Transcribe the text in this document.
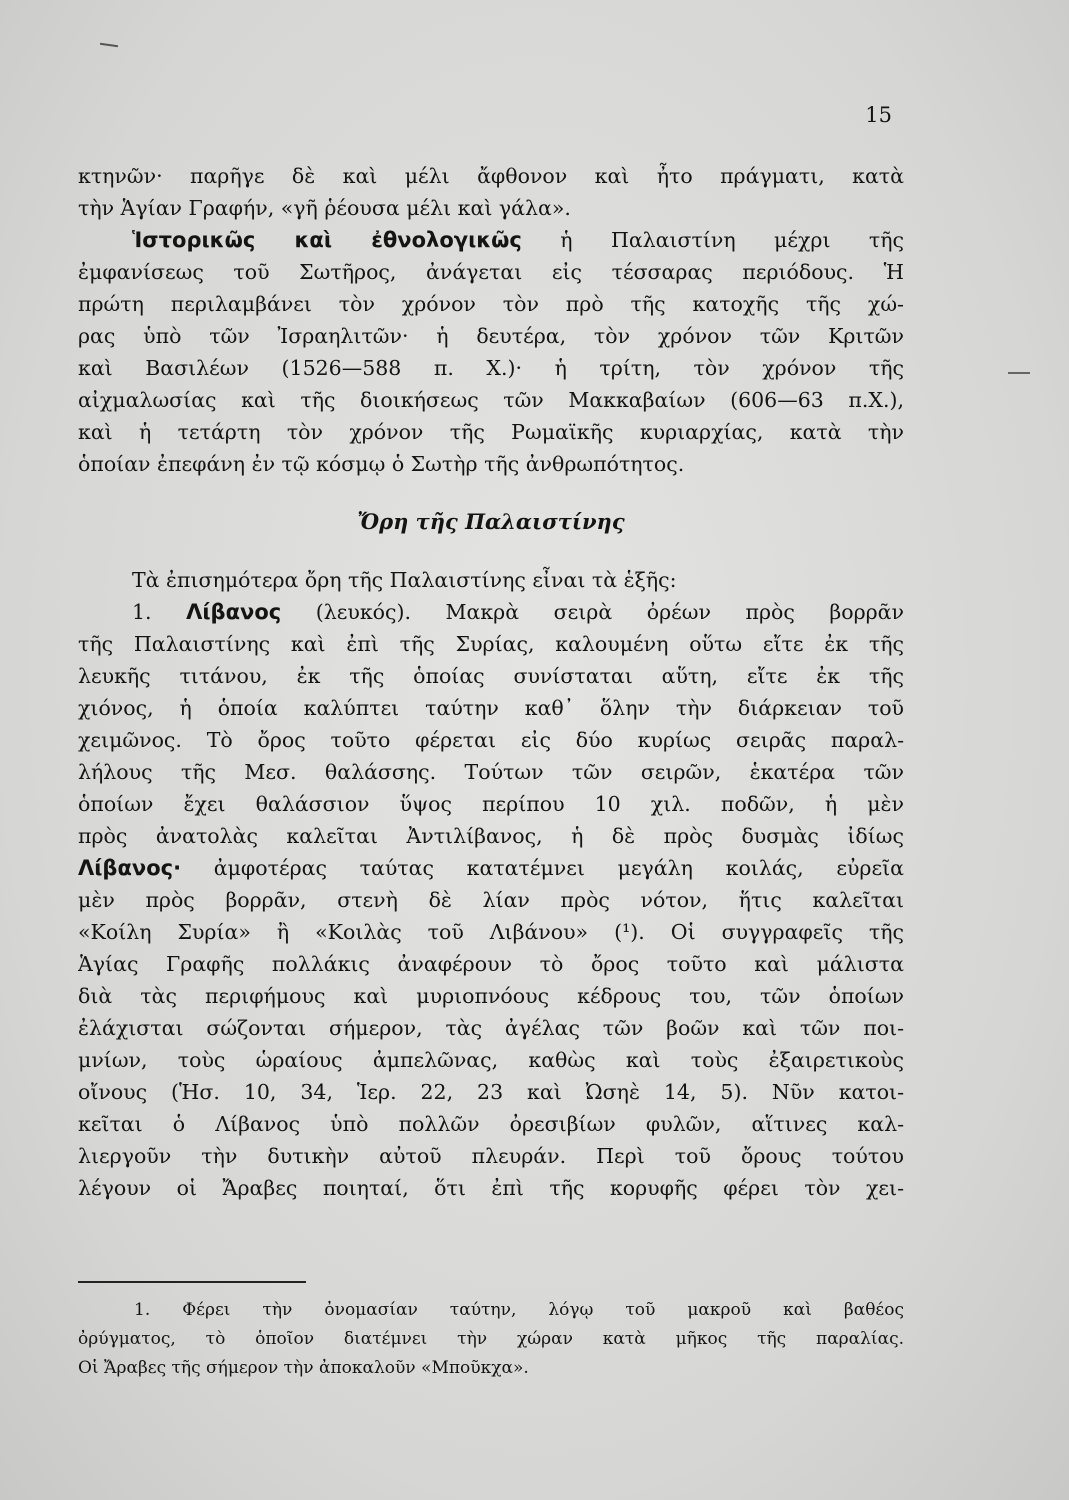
15
κτηνῶν· παρῆγε δὲ καὶ μέλι ἄφθονον καὶ ἦτο πράγματι, κατὰ
τὴν Ἁγίαν Γραφήν, «γῆ ῥέουσα μέλι καὶ γάλα».
Ἱστορικῶς καὶ ἐθνολογικῶς ἡ Παλαιστίνη μέχρι τῆς
ἐμφανίσεως τοῦ Σωτῆρος, ἀνάγεται εἰς τέσσαρας περιόδους. Ἡ
πρώτη περιλαμβάνει τὸν χρόνον τὸν πρὸ τῆς κατοχῆς τῆς χώ-
ρας ὑπὸ τῶν Ἰσραηλιτῶν· ἡ δευτέρα, τὸν χρόνον τῶν Κριτῶν
καὶ Βασιλέων (1526—588 π. Χ.)· ἡ τρίτη, τὸν χρόνον τῆς
αἰχμαλωσίας καὶ τῆς διοικήσεως τῶν Μακκαβαίων (606—63 π.Χ.),
καὶ ἡ τετάρτη τὸν χρόνον τῆς Ρωμαϊκῆς κυριαρχίας, κατὰ τὴν
ὁποίαν ἐπεφάνη ἐν τῷ κόσμῳ ὁ Σωτὴρ τῆς ἀνθρωπότητος.
Ὄρη τῆς Παλαιστίνης
Τὰ ἐπισημότερα ὄρη τῆς Παλαιστίνης εἶναι τὰ ἑξῆς:
1. Λίβανος (λευκός). Μακρὰ σειρὰ ὀρέων πρὸς βορρᾶν
τῆς Παλαιστίνης καὶ ἐπὶ τῆς Συρίας, καλουμένη οὕτω εἴτε ἐκ τῆς
λευκῆς τιτάνου, ἐκ τῆς ὁποίας συνίσταται αὕτη, εἴτε ἐκ τῆς
χιόνος, ἡ ὁποία καλύπτει ταύτην καθ᾽ ὅλην τὴν διάρκειαν τοῦ
χειμῶνος. Τὸ ὄρος τοῦτο φέρεται εἰς δύο κυρίως σειρᾶς παραλ-
λήλους τῆς Μεσ. θαλάσσης. Τούτων τῶν σειρῶν, ἑκατέρα τῶν
ὁποίων ἔχει θαλάσσιον ὕψος περίπου 10 χιλ. ποδῶν, ἡ μὲν
πρὸς ἀνατολὰς καλεῖται Ἀντιλίβανος, ἡ δὲ πρὸς δυσμὰς ἰδίως
Λίβανος· ἀμφοτέρας ταύτας κατατέμνει μεγάλη κοιλάς, εὐρεῖα
μὲν πρὸς βορρᾶν, στενὴ δὲ λίαν πρὸς νότον, ἥτις καλεῖται
«Κοίλη Συρία» ἢ «Κοιλὰς τοῦ Λιβάνου» (¹). Οἱ συγγραφεῖς τῆς
Ἁγίας Γραφῆς πολλάκις ἀναφέρουν τὸ ὄρος τοῦτο καὶ μάλιστα
διὰ τὰς περιφήμους καὶ μυριοπνόους κέδρους του, τῶν ὁποίων
ἐλάχισται σώζονται σήμερον, τὰς ἀγέλας τῶν βοῶν καὶ τῶν ποι-
μνίων, τοὺς ὡραίους ἀμπελῶνας, καθὼς καὶ τοὺς ἐξαιρετικοὺς
οἴνους (Ἡσ. 10, 34, Ἱερ. 22, 23 καὶ Ὠσηὲ 14, 5). Νῦν κατοι-
κεῖται ὁ Λίβανος ὑπὸ πολλῶν ὀρεσιβίων φυλῶν, αἵτινες καλ-
λιεργοῦν τὴν δυτικὴν αὐτοῦ πλευράν. Περὶ τοῦ ὄρους τούτου
λέγουν οἱ Ἄραβες ποιηταί, ὅτι ἐπὶ τῆς κορυφῆς φέρει τὸν χει-
1. Φέρει τὴν ὀνομασίαν ταύτην, λόγῳ τοῦ μακροῦ καὶ βαθέος
ὀρύγματος, τὸ ὁποῖον διατέμνει τὴν χώραν κατὰ μῆκος τῆς παραλίας.
Οἱ Ἄραβες τῆς σήμερον τὴν ἀποκαλοῦν «Μποῦκχα».
